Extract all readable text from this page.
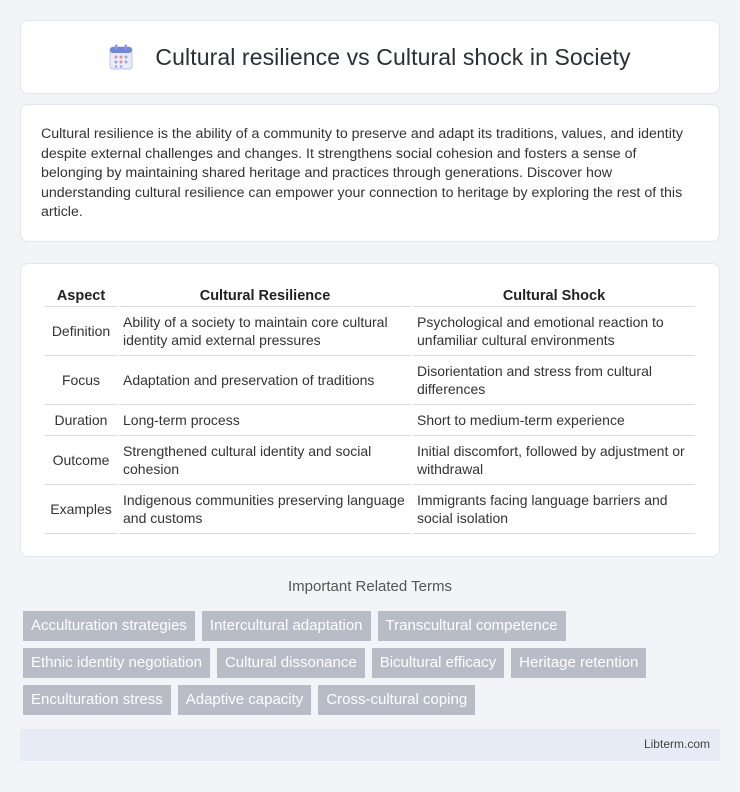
Cultural resilience vs Cultural shock in Society

Cultural resilience is the ability of a community to preserve and adapt its traditions, values, and identity despite external challenges and changes. It strengthens social cohesion and fosters a sense of belonging by maintaining shared heritage and practices through generations. Discover how understanding cultural resilience can empower your connection to heritage by exploring the rest of this article.

Aspect	Cultural Resilience	Cultural Shock
Definition	Ability of a society to maintain core cultural identity amid external pressures	Psychological and emotional reaction to unfamiliar cultural environments
Focus	Adaptation and preservation of traditions	Disorientation and stress from cultural differences
Duration	Long-term process	Short to medium-term experience
Outcome	Strengthened cultural identity and social cohesion	Initial discomfort, followed by adjustment or withdrawal
Examples	Indigenous communities preserving language and customs	Immigrants facing language barriers and social isolation
Important Related Terms
Acculturation strategies	Intercultural adaptation	Transcultural competence
Ethnic identity negotiation	Cultural dissonance	Bicultural efficacy	Heritage retention
Enculturation stress	Adaptive capacity	Cross-cultural coping
Libterm.com
